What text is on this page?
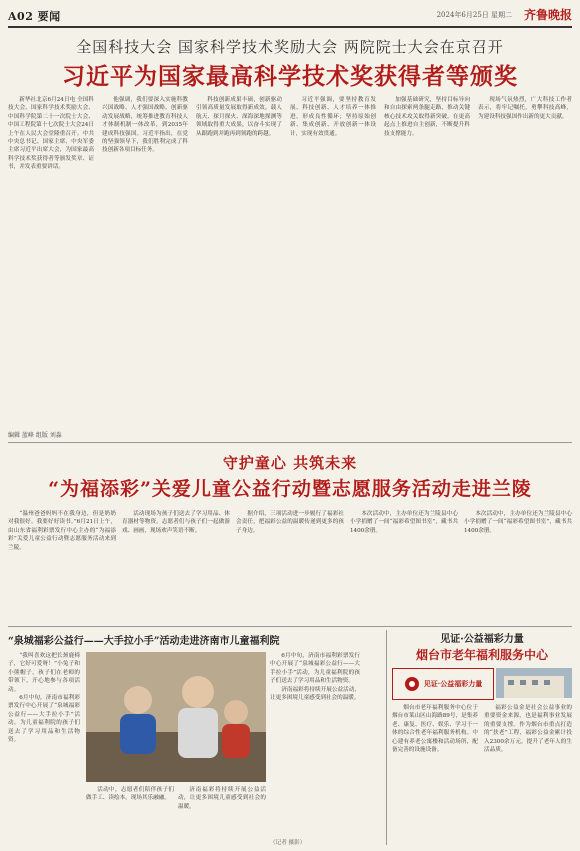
A02 要闻	2024年6月25日 星期二 齐鲁晚报
全国科技大会 国家科学技术奖励大会 两院院士大会在京召开
习近平为国家最高科学技术奖获得者等颁奖

新华社北京6月24日电 全国科技大会、国家科学技术奖励大会、中国科学院第二十一次院士大会、中国工程院第十七次院士大会24日上午在人民大会堂隆重召开。中共中央总书记、国家主席、中央军委主席习近平出席大会，为国家最高科学技术奖获得者等颁发奖章、证书，并发表重要讲话。

他强调，我们要深入实施科教兴国战略、人才强国战略、创新驱动发展战略，统筹推进教育科技人才体制机制一体改革，到2035年建成科技强国。习近平指出，在党的坚强领导下，我们胜利完成了科技创新各项目标任务。

科技创新成果丰硕，创新驱动引领高质量发展取得新成效。载人航天、探月探火、深海深地探测等领域取得重大成果，以奋斗实现了从跟跑到并跑再到领跑的跨越。

习近平强调，要坚持教育发展、科技创新、人才培养一体推进，形成良性循环；坚持原始创新、集成创新、开放创新一体设计，实现有效贯通。

加强基础研究，坚持目标导向和自由探索两条腿走路，推动关键核心技术攻关取得新突破。在更高起点上推进自主创新，不断提升科技支撑能力。

现场气氛热烈，广大科技工作者表示，将牢记嘱托，勇攀科技高峰，为建设科技强国作出新的更大贡献。

编辑 蓝峰 组版 刘淼
守护童心 共筑未来
“为福添彩”关爱儿童公益行动暨志愿服务活动走进兰陵

“温州爸爸妈妈不在我身边，但是奶奶对我很好。我要好好读书。”6月21日上午，由山东省福利彩票发行中心主办的“为福添彩”关爱儿童公益行动暨志愿服务活动来到兰陵。

活动现场为孩子们送去了学习用品、体育器材等物资。志愿者们与孩子们一起做游戏、画画，现场欢声笑语不断。

据介绍，三项活动进一步履行了福彩社会责任，把福彩公益的温暖传递到更多的孩子身边。

本次活动中，主办单位还为兰陵县中心小学捐赠了一间“福彩希望图书室”，藏书共1400余册。

本次活动中，主办单位还为兰陵县中心小学捐赠了一间“福彩希望图书室”，藏书共1400余册。

“泉城福彩公益行——大手拉小手”活动走进济南市儿童福利院

“我叫喜欢这把长颈鹿椅子，它好可爱呀！”小兔子和小熊帽子，孩子们在老师的带领下，开心地参与各项活动。

6月中旬，济南市福利彩票发行中心开展了“泉城福彩公益行——大手拉小手”活动，为儿童福利院的孩子们送去了学习用品和生活物资。

活动中，志愿者们陪伴孩子们做手工、读绘本，现场其乐融融。

济南福彩将持续开展公益活动，让更多困境儿童感受到社会的温暖。

（记者 摄影）

6月中旬，济南市福利彩票发行中心开展了“泉城福彩公益行——大手拉小手”活动，为儿童福利院的孩子们送去了学习用品和生活物资。

济南福彩将持续开展公益活动，让更多困境儿童感受到社会的温暖。

见证·公益福彩力量
烟台市老年福利服务中心
见证·公益福彩力量

烟台市老年福利服务中心位于烟台市莱山区山海路89号，是集养老、康复、医疗、娱乐、学习于一体的综合性老年福利服务机构。中心建有养老公寓楼和活动场所，配备完善的设施设备。

福彩公益金是社会公益事业的重要资金来源，也是福利事业发展的重要支撑。作为烟台市重点打造的“扶老”工程，福彩公益金累计投入2300余万元，提升了老年人的生活品质。
